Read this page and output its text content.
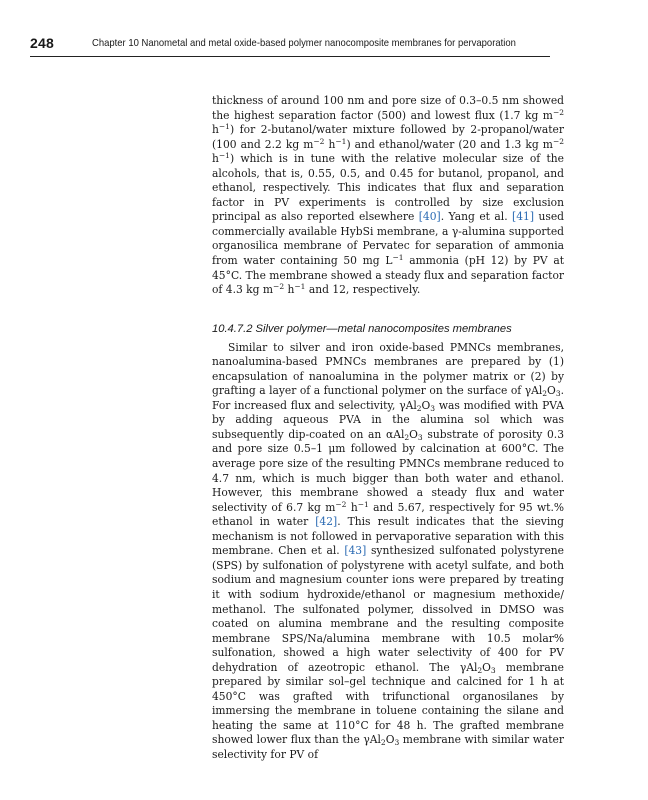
248	Chapter 10 Nanometal and metal oxide-based polymer nanocomposite membranes for pervaporation

thickness of around 100 nm and pore size of 0.3–0.5 nm showed the highest separation factor (500) and lowest flux (1.7 kg $m^{-2}$ $h^{-1}$) for 2-butanol/water mixture followed by 2-propanol/water (100 and 2.2 kg $m^{-2}$ $h^{-1}$) and ethanol/water (20 and 1.3 kg $m^{-2}$ $h^{-1}$) which is in tune with the relative molecular size of the alcohols, that is, 0.55, 0.5, and 0.45 for butanol, propanol, and ethanol, respectively. This indicates that flux and separation factor in PV experiments is controlled by size exclusion principal as also reported elsewhere [40]. Yang et al. [41] used commercially available HybSi membrane, a γ-alumina supported organosilica membrane of Pervatec for separation of ammonia from water containing 50 mg $L^{-1}$ ammonia (pH 12) by PV at 45°C. The membrane showed a steady flux and separation factor of 4.3 kg $m^{-2}$ $h^{-1}$ and 12, respectively.

10.4.7.2 Silver polymer—metal nanocomposites membranes

Similar to silver and iron oxide-based PMNCs membranes, nanoalumina-based PMNCs membranes are prepared by (1) encapsulation of nanoalumina in the polymer matrix or (2) by grafting a layer of a functional polymer on the surface of $\gamma Al_2O_3$. For increased flux and selectivity, $\gamma Al_2O_3$ was modified with PVA by adding aqueous PVA in the alumina sol which was subsequently dip-coated on an $\alpha Al_2O_3$ substrate of porosity 0.3 and pore size 0.5–1 μm followed by calcination at 600°C. The average pore size of the resulting PMNCs membrane reduced to 4.7 nm, which is much bigger than both water and ethanol. However, this membrane showed a steady flux and water selectivity of 6.7 kg $m^{-2}$ $h^{-1}$ and 5.67, respectively for 95 wt.% ethanol in water [42]. This result indicates that the sieving mechanism is not followed in pervaporative separation with this membrane. Chen et al. [43] synthesized sulfonated polystyrene (SPS) by sulfonation of polystyrene with acetyl sulfate, and both sodium and magnesium counter ions were prepared by treating it with sodium hydroxide/ethanol or magnesium methoxide/ methanol. The sulfonated polymer, dissolved in DMSO was coated on alumina membrane and the resulting composite membrane SPS/Na/alumina membrane with 10.5 molar% sulfonation, showed a high water selectivity of 400 for PV dehydration of azeotropic ethanol. The $\gamma Al_2O_3$ membrane prepared by similar sol–gel technique and calcined for 1 h at 450°C was grafted with trifunctional organosilanes by immersing the membrane in toluene containing the silane and heating the same at 110°C for 48 h. The grafted membrane showed lower flux than the $\gamma Al_2O_3$ membrane with similar water selectivity for PV of
